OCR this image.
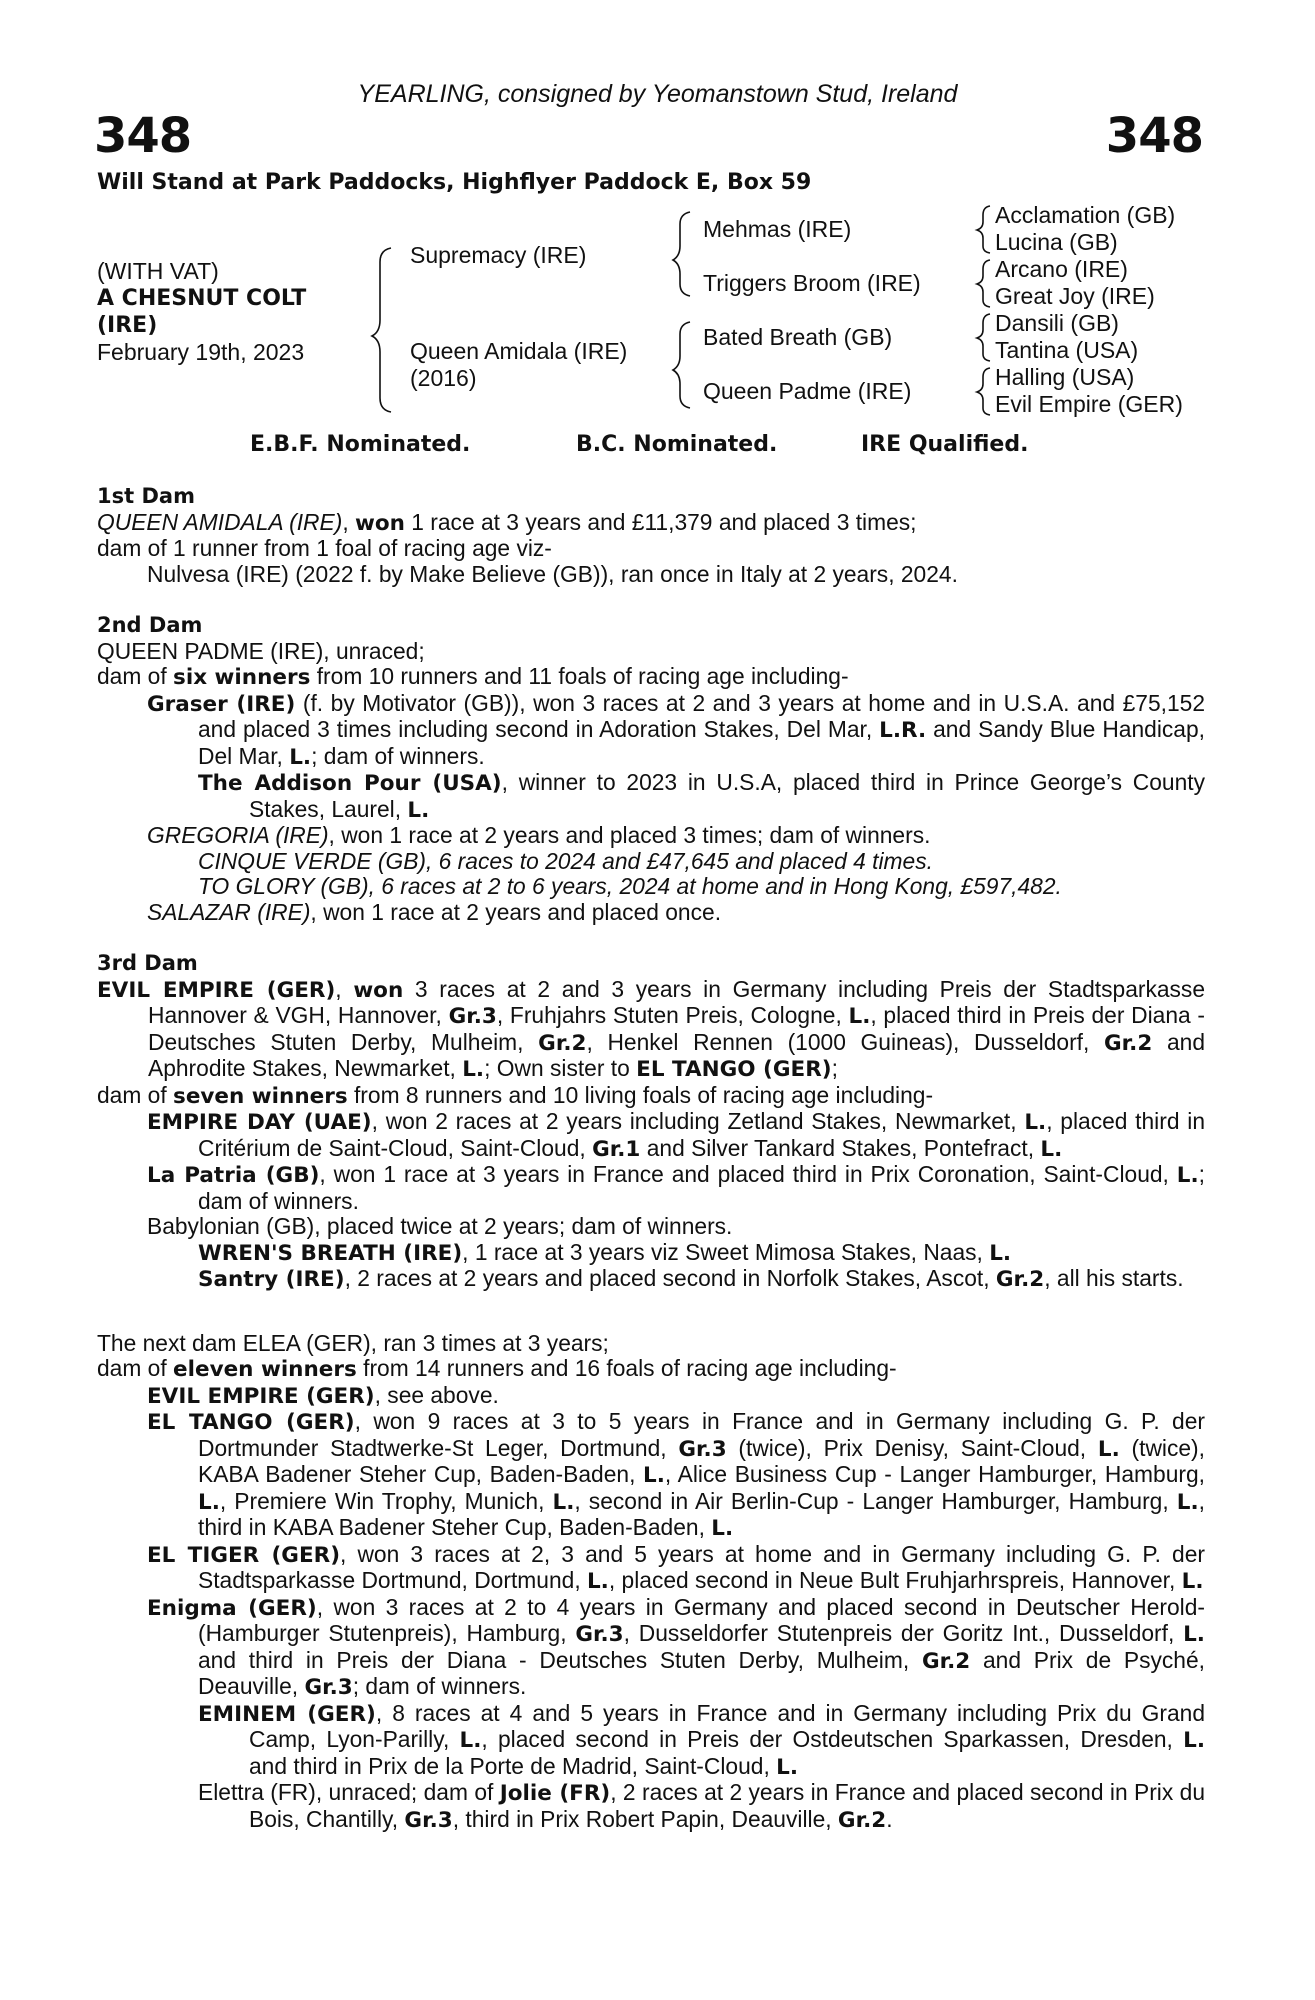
YEARLING, consigned by Yeomanstown Stud, Ireland
348	348
Will Stand at Park Paddocks, Highflyer Paddock E, Box 59
(WITH VAT)
A CHESNUT COLT
(IRE)
February 19th, 2023
Supremacy (IRE)
Queen Amidala (IRE)
(2016)
Mehmas (IRE)
Triggers Broom (IRE)
Bated Breath (GB)
Queen Padme (IRE)
Acclamation (GB)
Lucina (GB)
Arcano (IRE)
Great Joy (IRE)
Dansili (GB)
Tantina (USA)
Halling (USA)
Evil Empire (GER)
E.B.F. Nominated.	B.C. Nominated.	IRE Qualified.

1st Dam

QUEEN AMIDALA (IRE), won 1 race at 3 years and £11,379 and placed 3 times;

dam of 1 runner from 1 foal of racing age viz-

Nulvesa (IRE) (2022 f. by Make Believe (GB)), ran once in Italy at 2 years, 2024.

2nd Dam

QUEEN PADME (IRE), unraced;

dam of six winners from 10 runners and 11 foals of racing age including-

Graser (IRE) (f. by Motivator (GB)), won 3 races at 2 and 3 years at home and in U.S.A. and £75,152 and placed 3 times including second in Adoration Stakes, Del Mar, L.R. and Sandy Blue Handicap, Del Mar, L.; dam of winners.

The Addison Pour (USA), winner to 2023 in U.S.A, placed third in Prince George’s County Stakes, Laurel, L.

GREGORIA (IRE), won 1 race at 2 years and placed 3 times; dam of winners.

CINQUE VERDE (GB), 6 races to 2024 and £47,645 and placed 4 times.

TO GLORY (GB), 6 races at 2 to 6 years, 2024 at home and in Hong Kong, £597,482.

SALAZAR (IRE), won 1 race at 2 years and placed once.

3rd Dam

EVIL EMPIRE (GER), won 3 races at 2 and 3 years in Germany including Preis der Stadtsparkasse Hannover & VGH, Hannover, Gr.3, Fruhjahrs Stuten Preis, Cologne, L., placed third in Preis der Diana - Deutsches Stuten Derby, Mulheim, Gr.2, Henkel Rennen (1000 Guineas), Dusseldorf, Gr.2 and Aphrodite Stakes, Newmarket, L.; Own sister to EL TANGO (GER);

dam of seven winners from 8 runners and 10 living foals of racing age including-

EMPIRE DAY (UAE), won 2 races at 2 years including Zetland Stakes, Newmarket, L., placed third in Critérium de Saint-Cloud, Saint-Cloud, Gr.1 and Silver Tankard Stakes, Pontefract, L.

La Patria (GB), won 1 race at 3 years in France and placed third in Prix Coronation, Saint-Cloud, L.; dam of winners.

Babylonian (GB), placed twice at 2 years; dam of winners.

WREN'S BREATH (IRE), 1 race at 3 years viz Sweet Mimosa Stakes, Naas, L.

Santry (IRE), 2 races at 2 years and placed second in Norfolk Stakes, Ascot, Gr.2, all his starts.

The next dam ELEA (GER), ran 3 times at 3 years;

dam of eleven winners from 14 runners and 16 foals of racing age including-

EVIL EMPIRE (GER), see above.

EL TANGO (GER), won 9 races at 3 to 5 years in France and in Germany including G. P. der Dortmunder Stadtwerke-St Leger, Dortmund, Gr.3 (twice), Prix Denisy, Saint-Cloud, L. (twice), KABA Badener Steher Cup, Baden-Baden, L., Alice Business Cup - Langer Hamburger, Hamburg, L., Premiere Win Trophy, Munich, L., second in Air Berlin-Cup - Langer Hamburger, Hamburg, L., third in KABA Badener Steher Cup, Baden-Baden, L.

EL TIGER (GER), won 3 races at 2, 3 and 5 years at home and in Germany including G. P. der Stadtsparkasse Dortmund, Dortmund, L., placed second in Neue Bult Fruhjarhrspreis, Hannover, L.

Enigma (GER), won 3 races at 2 to 4 years in Germany and placed second in Deutscher Herold-(Hamburger Stutenpreis), Hamburg, Gr.3, Dusseldorfer Stutenpreis der Goritz Int., Dusseldorf, L. and third in Preis der Diana - Deutsches Stuten Derby, Mulheim, Gr.2 and Prix de Psyché, Deauville, Gr.3; dam of winners.

EMINEM (GER), 8 races at 4 and 5 years in France and in Germany including Prix du Grand Camp, Lyon-Parilly, L., placed second in Preis der Ostdeutschen Sparkassen, Dresden, L. and third in Prix de la Porte de Madrid, Saint-Cloud, L.

Elettra (FR), unraced; dam of Jolie (FR), 2 races at 2 years in France and placed second in Prix du Bois, Chantilly, Gr.3, third in Prix Robert Papin, Deauville, Gr.2.
